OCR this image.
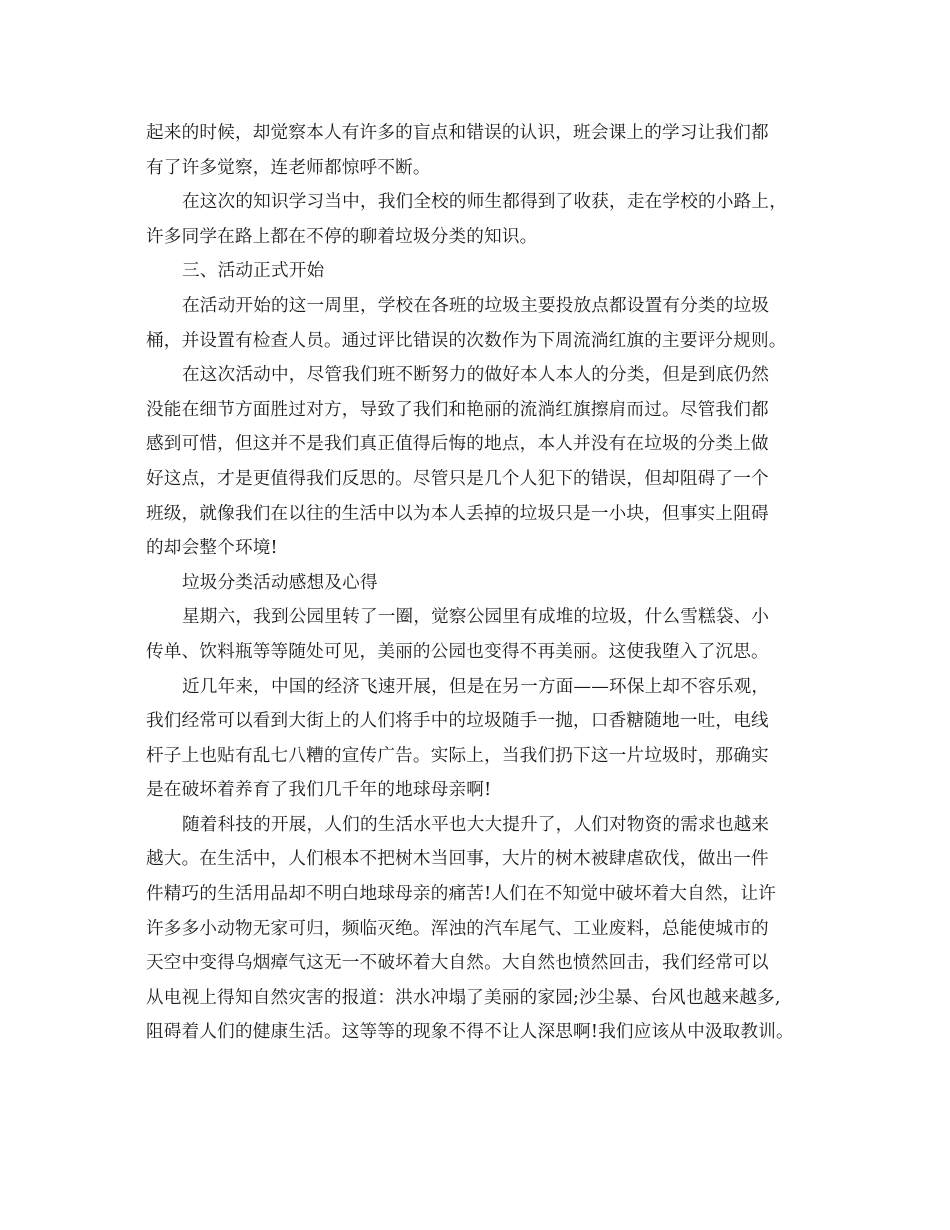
起来的时候，却觉察本人有许多的盲点和错误的认识，班会课上的学习让我们都
有了许多觉察，连老师都惊呼不断。
在这次的知识学习当中，我们全校的师生都得到了收获，走在学校的小路上，
许多同学在路上都在不停的聊着垃圾分类的知识。
三、活动正式开始
在活动开始的这一周里，学校在各班的垃圾主要投放点都设置有分类的垃圾
桶，并设置有检查人员。通过评比错误的次数作为下周流淌红旗的主要评分规则。
在这次活动中，尽管我们班不断努力的做好本人本人的分类，但是到底仍然
没能在细节方面胜过对方，导致了我们和艳丽的流淌红旗擦肩而过。尽管我们都
感到可惜，但这并不是我们真正值得后悔的地点，本人并没有在垃圾的分类上做
好这点，才是更值得我们反思的。尽管只是几个人犯下的错误，但却阻碍了一个
班级，就像我们在以往的生活中以为本人丢掉的垃圾只是一小块，但事实上阻碍
的却会整个环境!
垃圾分类活动感想及心得
星期六，我到公园里转了一圈，觉察公园里有成堆的垃圾，什么雪糕袋、小
传单、饮料瓶等等随处可见，美丽的公园也变得不再美丽。这使我堕入了沉思。
近几年来，中国的经济飞速开展，但是在另一方面——环保上却不容乐观，
我们经常可以看到大街上的人们将手中的垃圾随手一抛，口香糖随地一吐，电线
杆子上也贴有乱七八糟的宣传广告。实际上，当我们扔下这一片垃圾时，那确实
是在破坏着养育了我们几千年的地球母亲啊!
随着科技的开展，人们的生活水平也大大提升了，人们对物资的需求也越来
越大。在生活中，人们根本不把树木当回事，大片的树木被肆虐砍伐，做出一件
件精巧的生活用品却不明白地球母亲的痛苦!人们在不知觉中破坏着大自然，让许
许多多小动物无家可归，频临灭绝。浑浊的汽车尾气、工业废料，总能使城市的
天空中变得乌烟瘴气这无一不破坏着大自然。大自然也愤然回击，我们经常可以
从电视上得知自然灾害的报道：洪水冲塌了美丽的家园;沙尘暴、台风也越来越多,
阻碍着人们的健康生活。这等等的现象不得不让人深思啊!我们应该从中汲取教训。
